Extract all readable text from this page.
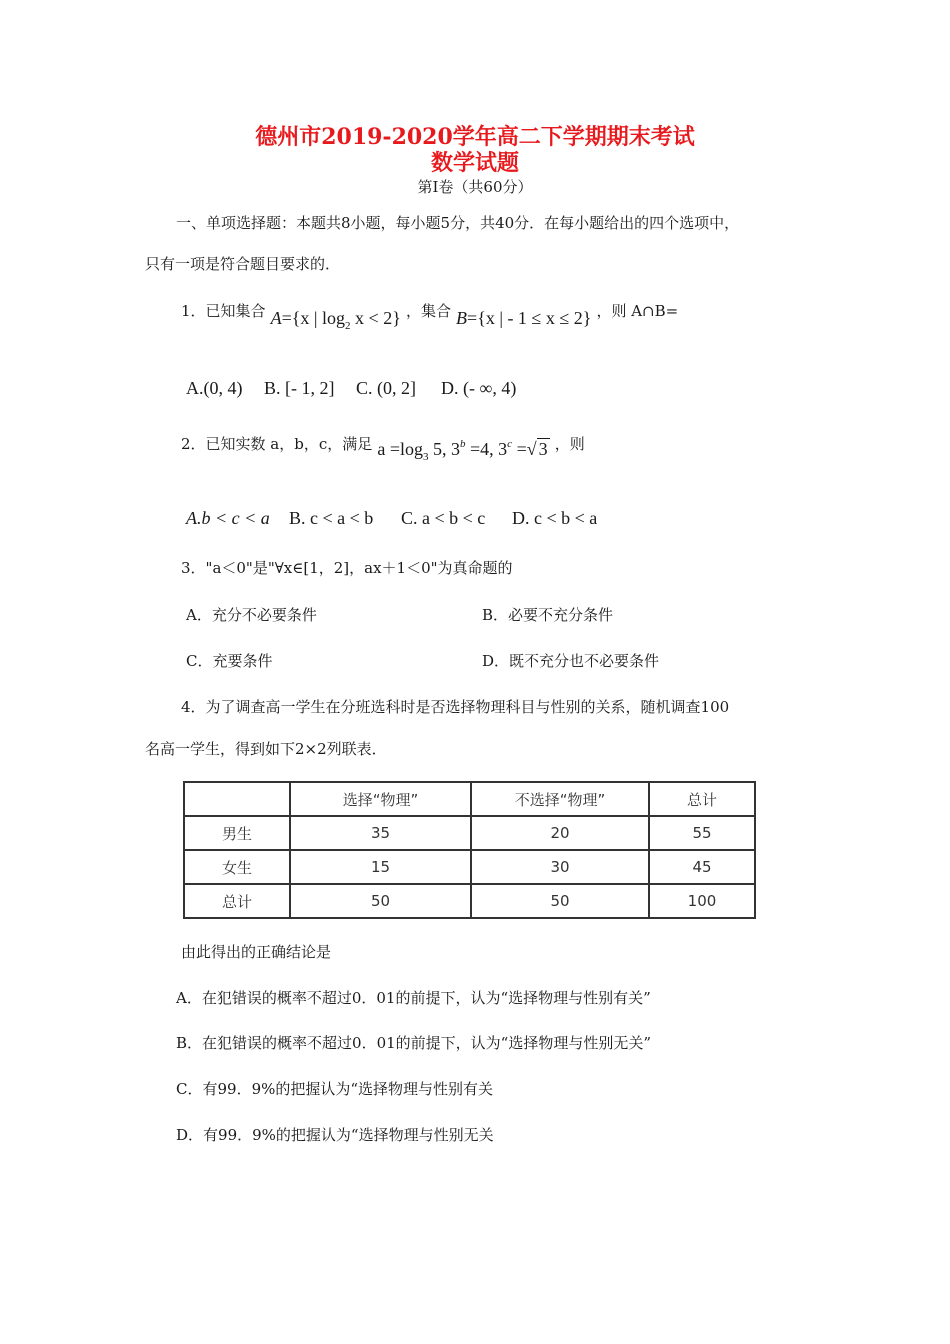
德州市2019-2020学年高二下学期期末考试
数学试题
第Ⅰ卷（共60分）
一、单项选择题：本题共8小题，每小题5分，共40分．在每小题给出的四个选项中，
只有一项是符合题目要求的．
1．已知集合 A={x | $\log_2 x < 2$} ，集合 B={x | - 1 ≤ x ≤ 2} ，则 A∩B=
A.(0, 4) B. [- 1, 2] C. (0, 2] D. (- ∞, 4)
2．已知实数 a，b，c，满足 $a =\log_3$ 5, $3^b =4$, $3^c$ =√ 3 ，则
A.b < c < a B. c < a < b C. a < b < c D. c < b < a
3．"a＜0"是"∀x∈[1，2]，ax＋1＜0"为真命题的
A．充分不必要条件	B．必要不充分条件
C．充要条件	D．既不充分也不必要条件
4．为了调查高一学生在分班选科时是否选择物理科目与性别的关系，随机调查100
名高一学生，得到如下2×2列联表．
	选择“物理”	不选择“物理”	总计
男生	35	20	55
女生	15	30	45
总计	50	50	100
由此得出的正确结论是
A．在犯错误的概率不超过0．01的前提下，认为“选择物理与性别有关”
B．在犯错误的概率不超过0．01的前提下，认为“选择物理与性别无关”
C．有99．9%的把握认为“选择物理与性别有关
D．有99．9%的把握认为“选择物理与性别无关
